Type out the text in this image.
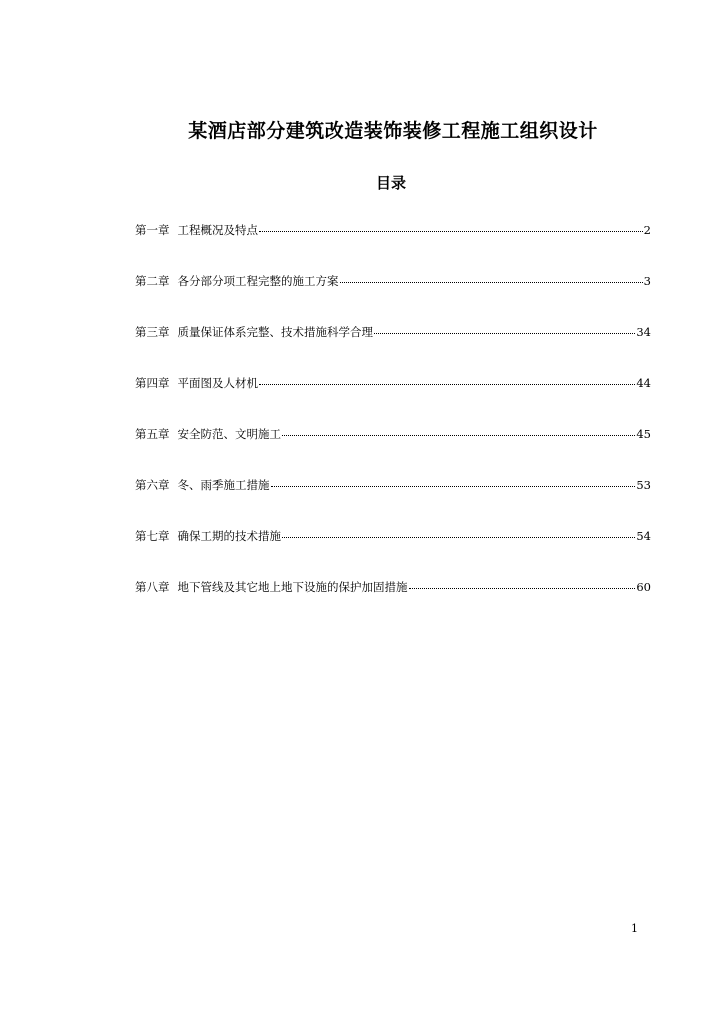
某酒店部分建筑改造装饰装修工程施工组织设计
目录
第一章 工程概况及特点	2
第二章 各分部分项工程完整的施工方案	3
第三章 质量保证体系完整、技术措施科学合理	34
第四章 平面图及人材机	44
第五章 安全防范、文明施工	45
第六章 冬、雨季施工措施	53
第七章 确保工期的技术措施	54
第八章 地下管线及其它地上地下设施的保护加固措施	60
1
